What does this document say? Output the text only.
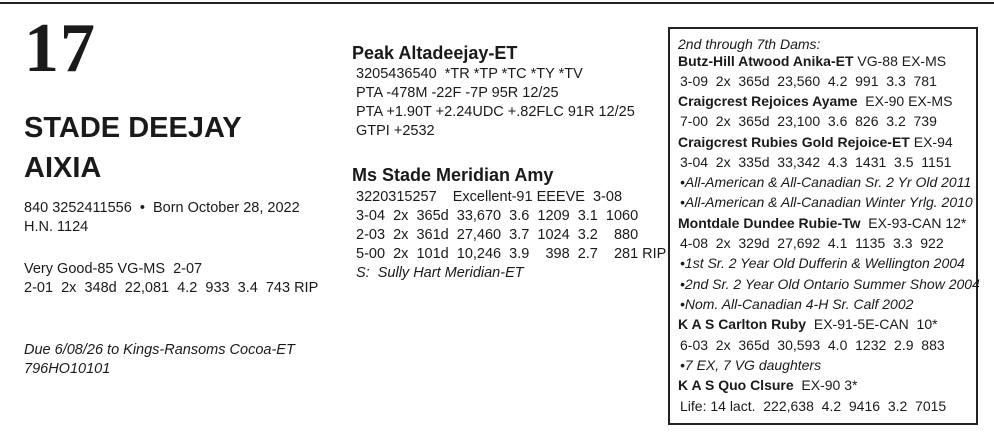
17
STADE DEEJAY
AIXIA
840 3252411556  •  Born October 28, 2022
H.N. 1124
Very Good-85 VG-MS  2-07
2-01  2x  348d  22,081  4.2  933  3.4  743 RIP
Due 6/08/26 to Kings-Ransoms Cocoa-ET
796HO10101
Peak Altadeejay-ET
3205436540  *TR *TP *TC *TY *TV
PTA -478M -22F -7P 95R 12/25
PTA +1.90T +2.24UDC +.82FLC 91R 12/25
GTPI +2532
Ms Stade Meridian Amy
3220315257    Excellent-91 EEEVE  3-08
3-04  2x  365d  33,670  3.6  1209  3.1  1060
2-03  2x  361d  27,460  3.7  1024  3.2    880
5-00  2x  101d  10,246  3.9    398  2.7    281 RIP
S:  Sully Hart Meridian-ET
2nd through 7th Dams:
Butz-Hill Atwood Anika-ET VG-88 EX-MS
3-09  2x  365d  23,560  4.2  991  3.3  781
Craigcrest Rejoices Ayame  EX-90 EX-MS
7-00  2x  365d  23,100  3.6  826  3.2  739
Craigcrest Rubies Gold Rejoice-ET EX-94
3-04  2x  335d  33,342  4.3  1431  3.5  1151
•All-American & All-Canadian Sr. 2 Yr Old 2011
•All-American & All-Canadian Winter Yrlg. 2010
Montdale Dundee Rubie-Tw  EX-93-CAN 12*
4-08  2x  329d  27,692  4.1  1135  3.3  922
•1st Sr. 2 Year Old Dufferin & Wellington 2004
•2nd Sr. 2 Year Old Ontario Summer Show 2004
•Nom. All-Canadian 4-H Sr. Calf 2002
K A S Carlton Ruby  EX-91-5E-CAN  10*
6-03  2x  365d  30,593  4.0  1232  2.9  883
•7 EX, 7 VG daughters
K A S Quo Clsure  EX-90 3*
Life: 14 lact.  222,638  4.2  9416  3.2  7015
